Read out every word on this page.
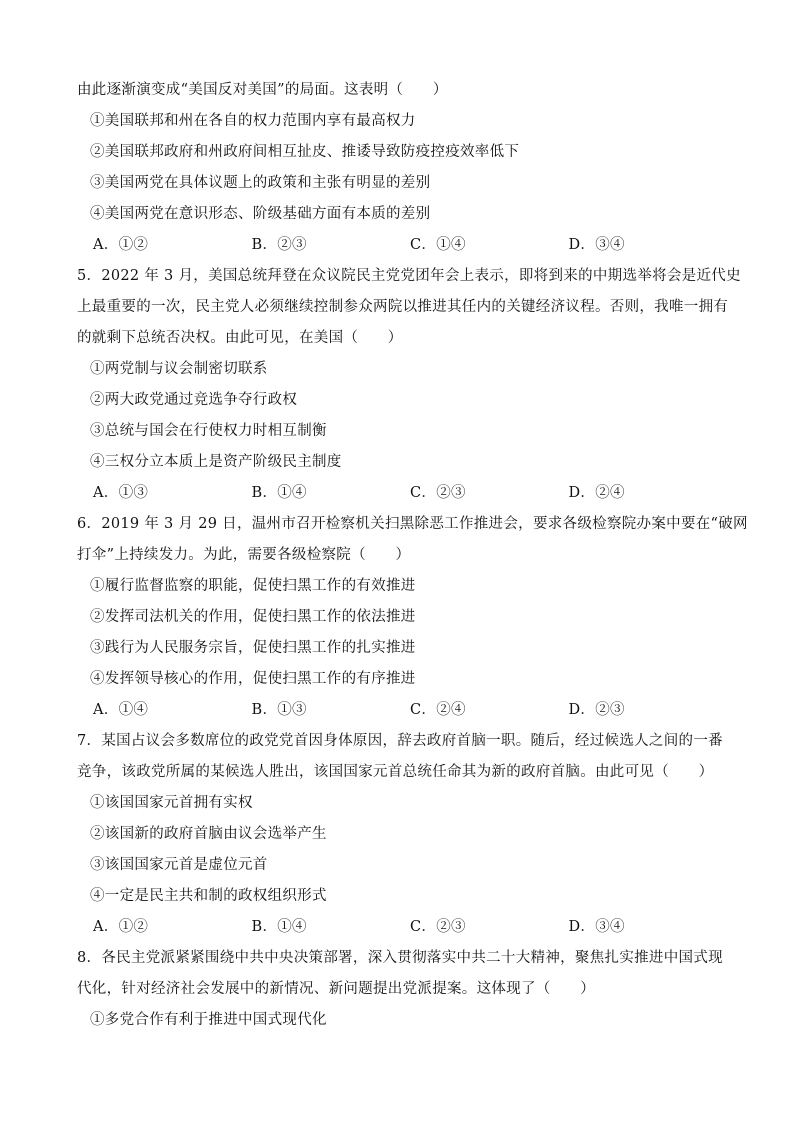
由此逐渐演变成“美国反对美国”的局面。这表明（　　）
①美国联邦和州在各自的权力范围内享有最高权力
②美国联邦政府和州政府间相互扯皮、推诿导致防疫控疫效率低下
③美国两党在具体议题上的政策和主张有明显的差别
④美国两党在意识形态、阶级基础方面有本质的差别
A．①②	B．②③	C．①④	D．③④
5．2022 年 3 月，美国总统拜登在众议院民主党党团年会上表示，即将到来的中期选举将会是近代史
上最重要的一次，民主党人必须继续控制参众两院以推进其任内的关键经济议程。否则，我唯一拥有
的就剩下总统否决权。由此可见，在美国（　　）
①两党制与议会制密切联系
②两大政党通过竞选争夺行政权
③总统与国会在行使权力时相互制衡
④三权分立本质上是资产阶级民主制度
A．①③	B．①④	C．②③	D．②④
6．2019 年 3 月 29 日，温州市召开检察机关扫黑除恶工作推进会，要求各级检察院办案中要在“破网
打伞”上持续发力。为此，需要各级检察院（　　）
①履行监督监察的职能，促使扫黑工作的有效推进
②发挥司法机关的作用，促使扫黑工作的依法推进
③践行为人民服务宗旨，促使扫黑工作的扎实推进
④发挥领导核心的作用，促使扫黑工作的有序推进
A．①④	B．①③	C．②④	D．②③
7．某国占议会多数席位的政党党首因身体原因，辞去政府首脑一职。随后，经过候选人之间的一番
竞争，该政党所属的某候选人胜出，该国国家元首总统任命其为新的政府首脑。由此可见（　　）
①该国国家元首拥有实权
②该国新的政府首脑由议会选举产生
③该国国家元首是虚位元首
④一定是民主共和制的政权组织形式
A．①②	B．①④	C．②③	D．③④
8．各民主党派紧紧围绕中共中央决策部署，深入贯彻落实中共二十大精神，聚焦扎实推进中国式现
代化，针对经济社会发展中的新情况、新问题提出党派提案。这体现了（　　）
①多党合作有利于推进中国式现代化
